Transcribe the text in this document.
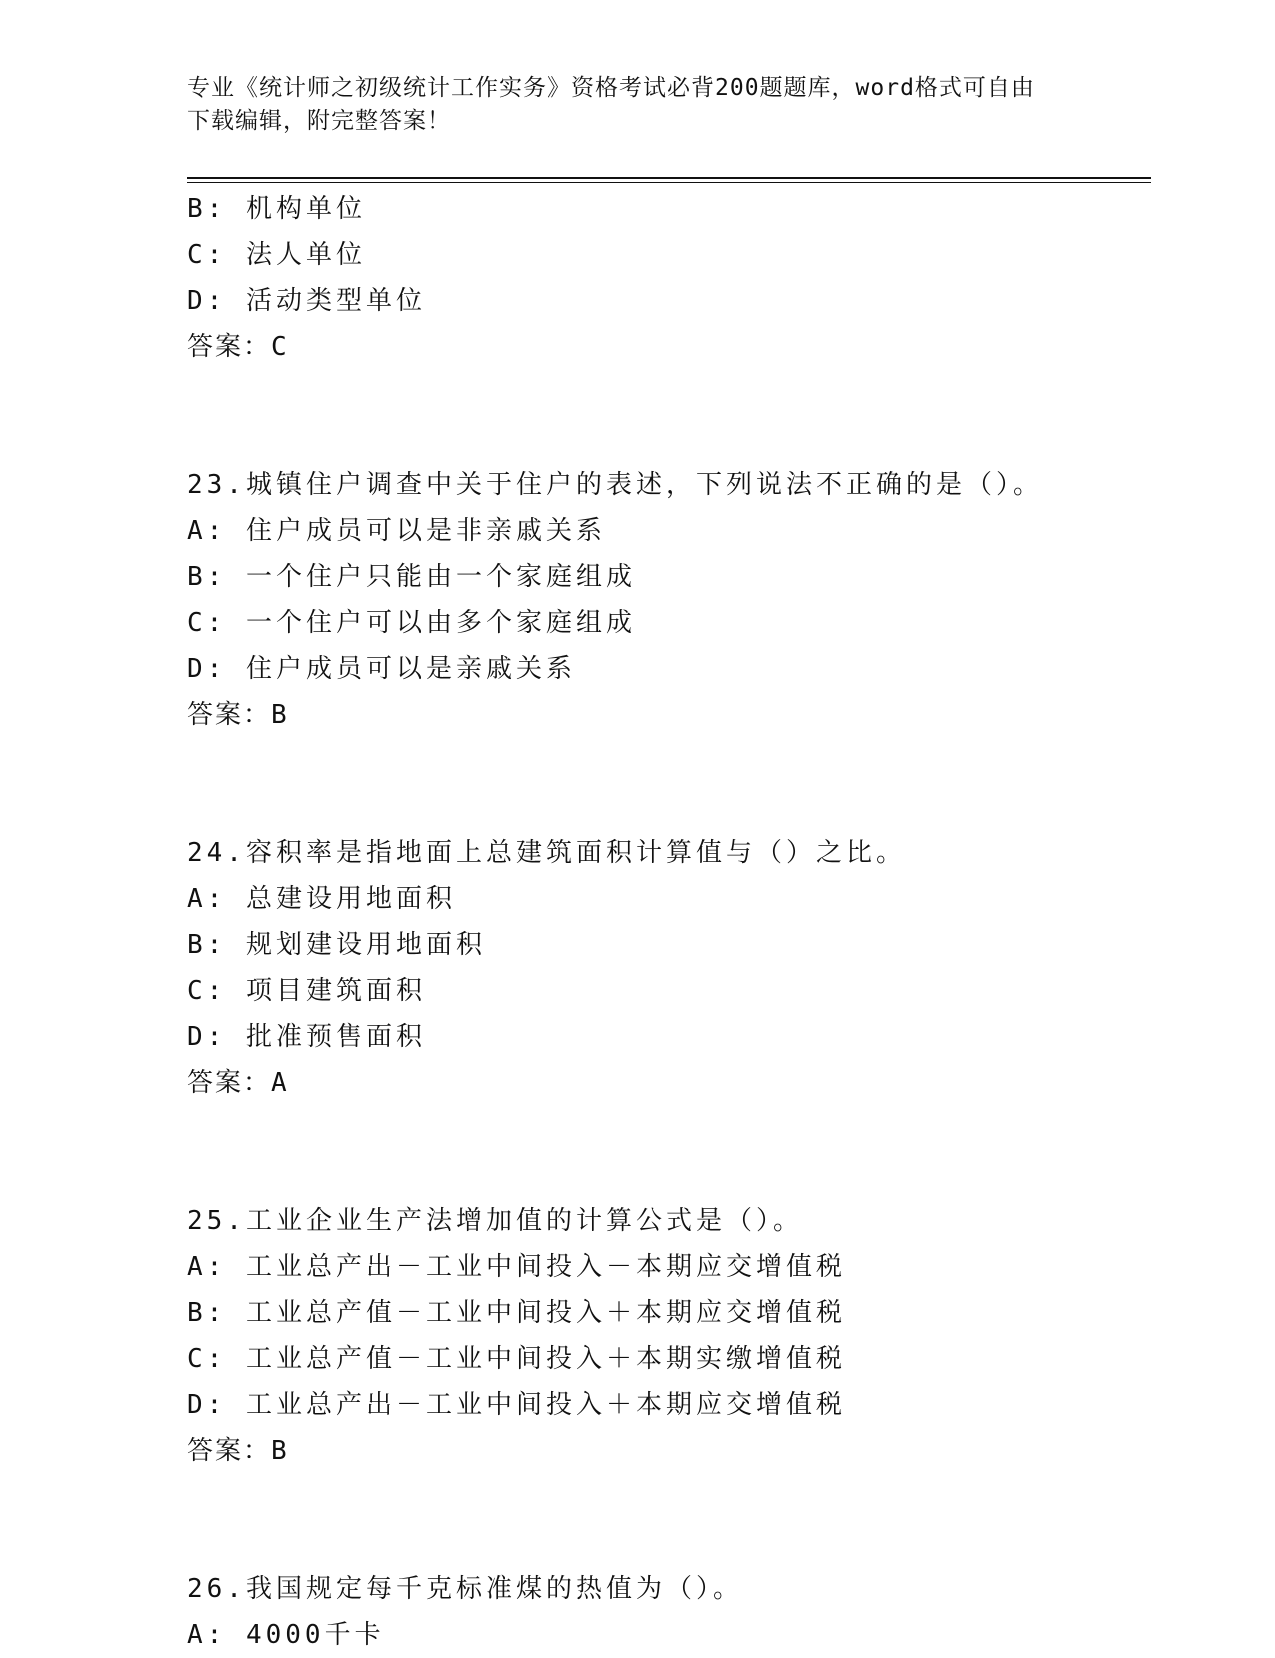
专业《统计师之初级统计工作实务》资格考试必背200题题库，word格式可自由
下载编辑，附完整答案！
B: 机构单位
C: 法人单位
D: 活动类型单位
答案：C
23.城镇住户调查中关于住户的表述，下列说法不正确的是（）。
A: 住户成员可以是非亲戚关系
B: 一个住户只能由一个家庭组成
C: 一个住户可以由多个家庭组成
D: 住户成员可以是亲戚关系
答案：B
24.容积率是指地面上总建筑面积计算值与（）之比。
A: 总建设用地面积
B: 规划建设用地面积
C: 项目建筑面积
D: 批准预售面积
答案：A
25.工业企业生产法增加值的计算公式是（）。
A: 工业总产出－工业中间投入－本期应交增值税
B: 工业总产值－工业中间投入＋本期应交增值税
C: 工业总产值－工业中间投入＋本期实缴增值税
D: 工业总产出－工业中间投入＋本期应交增值税
答案：B
26.我国规定每千克标准煤的热值为（）。
A: 4000千卡
